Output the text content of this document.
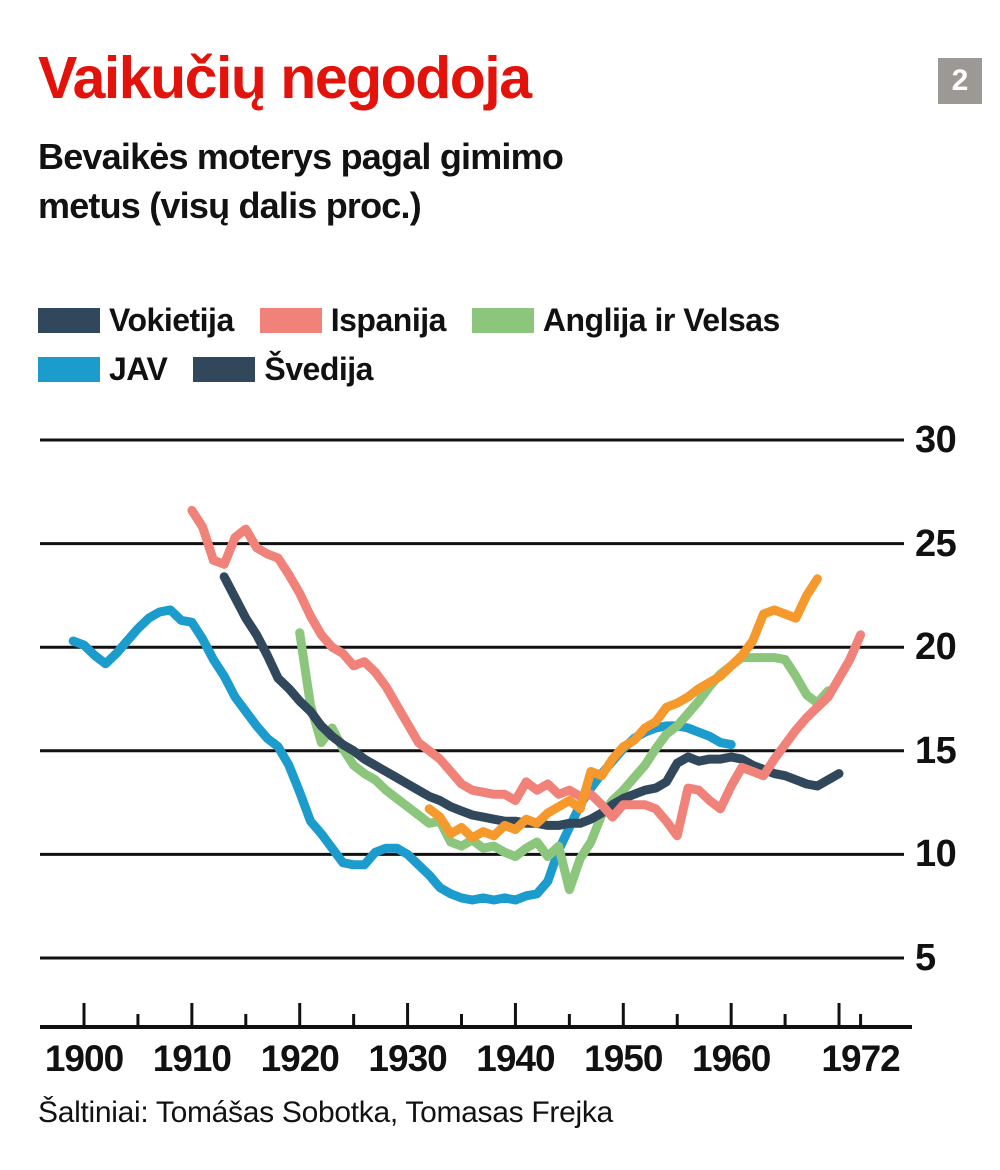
Vaikučių negodoja	2
Bevaikės moterys pagal gimimo
metus (visų dalis proc.)
Vokietija	Ispanija	Anglija ir Velsas
JAV	Švedija
30
25
20
15
10
5
1900 1910 1920 1930 1940 1950 1960	1972
Šaltiniai: Tomášas Sobotka, Tomasas Frejka
